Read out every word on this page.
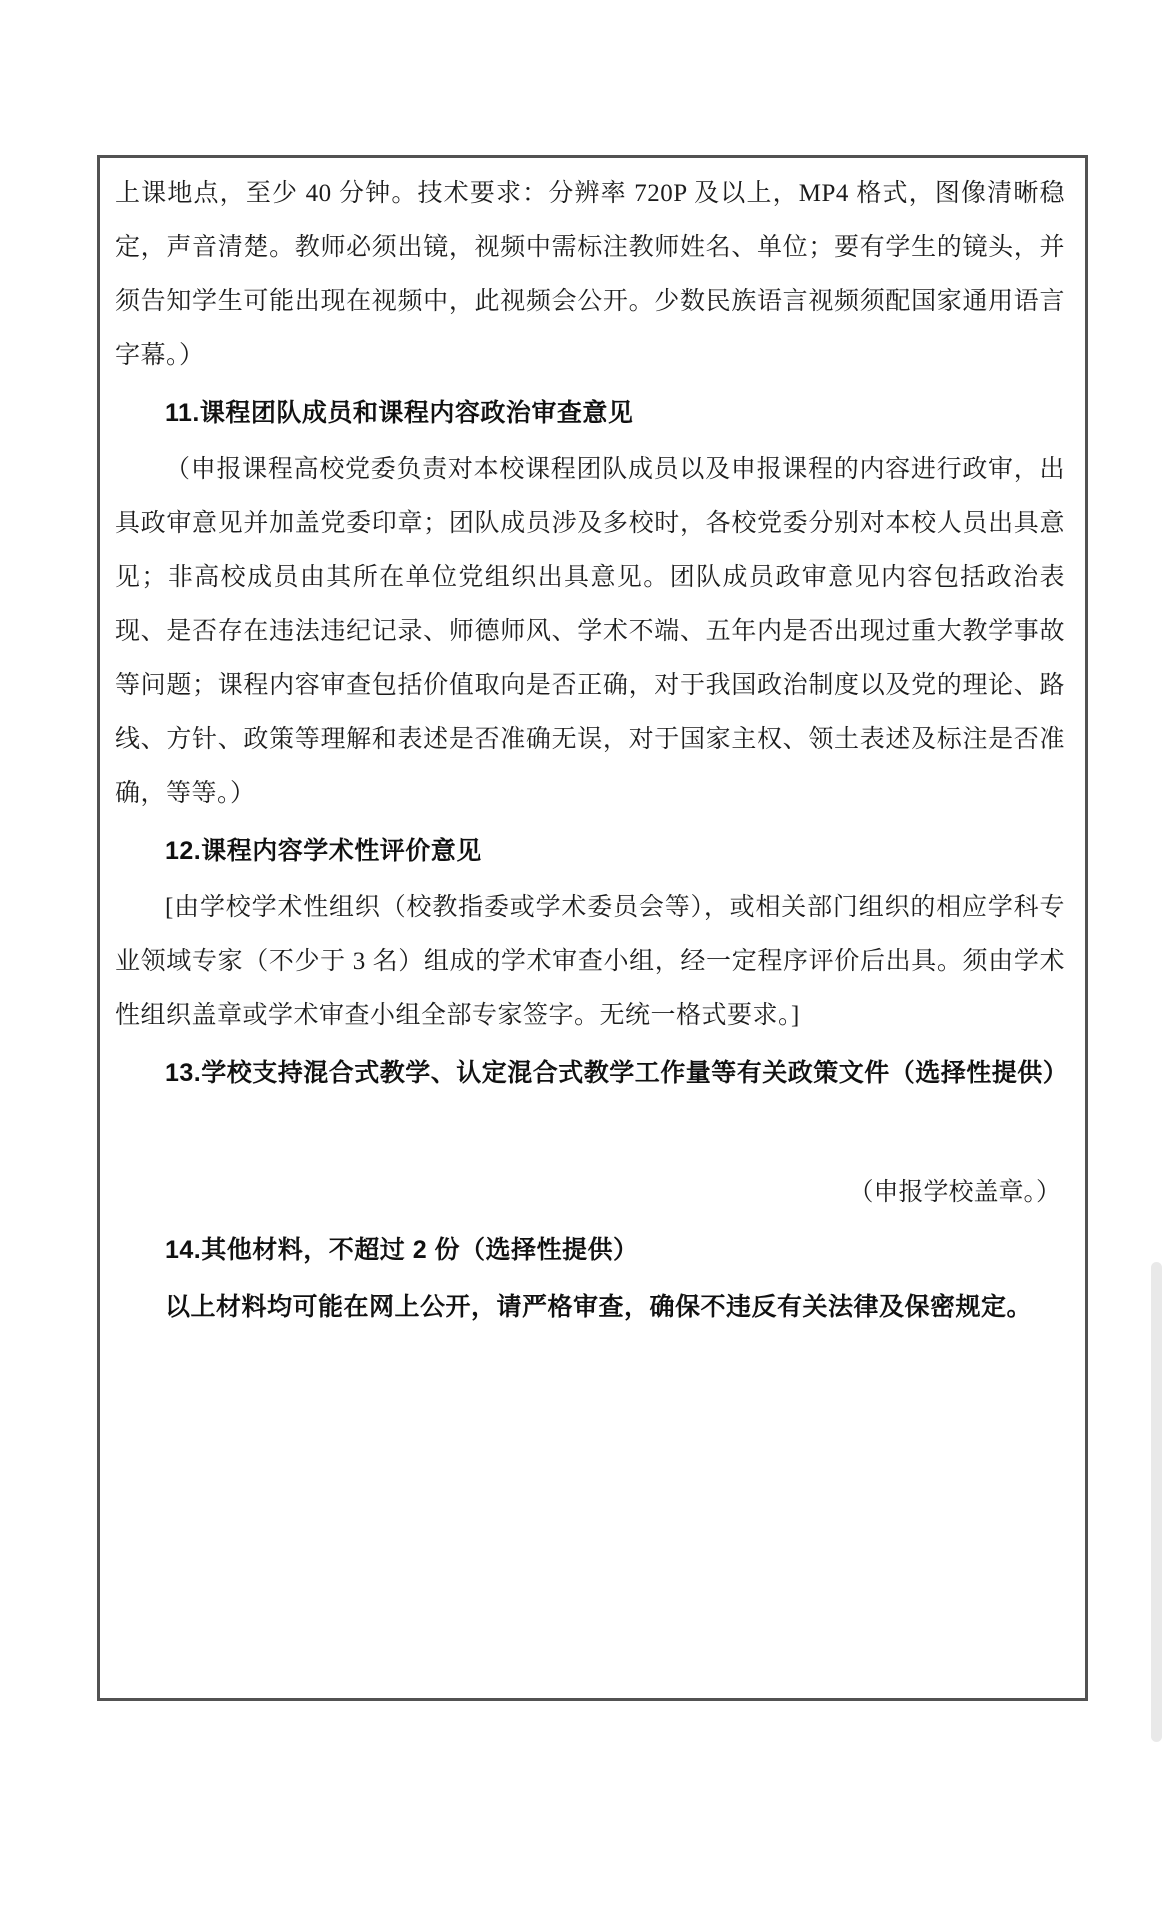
上课地点，至少 40 分钟。技术要求：分辨率 720P 及以上，MP4 格式，图像清晰稳定，声音清楚。教师必须出镜，视频中需标注教师姓名、单位；要有学生的镜头，并须告知学生可能出现在视频中，此视频会公开。少数民族语言视频须配国家通用语言字幕。）

11.课程团队成员和课程内容政治审查意见

（申报课程高校党委负责对本校课程团队成员以及申报课程的内容进行政审，出具政审意见并加盖党委印章；团队成员涉及多校时，各校党委分别对本校人员出具意见；非高校成员由其所在单位党组织出具意见。团队成员政审意见内容包括政治表现、是否存在违法违纪记录、师德师风、学术不端、五年内是否出现过重大教学事故等问题；课程内容审查包括价值取向是否正确，对于我国政治制度以及党的理论、路线、方针、政策等理解和表述是否准确无误，对于国家主权、领土表述及标注是否准确，等等。）

12.课程内容学术性评价意见

[由学校学术性组织（校教指委或学术委员会等），或相关部门组织的相应学科专业领域专家（不少于 3 名）组成的学术审查小组，经一定程序评价后出具。须由学术性组织盖章或学术审查小组全部专家签字。无统一格式要求。]

13.学校支持混合式教学、认定混合式教学工作量等有关政策文件（选择性提供）

（申报学校盖章。）

14.其他材料，不超过 2 份（选择性提供）

以上材料均可能在网上公开，请严格审查，确保不违反有关法律及保密规定。
